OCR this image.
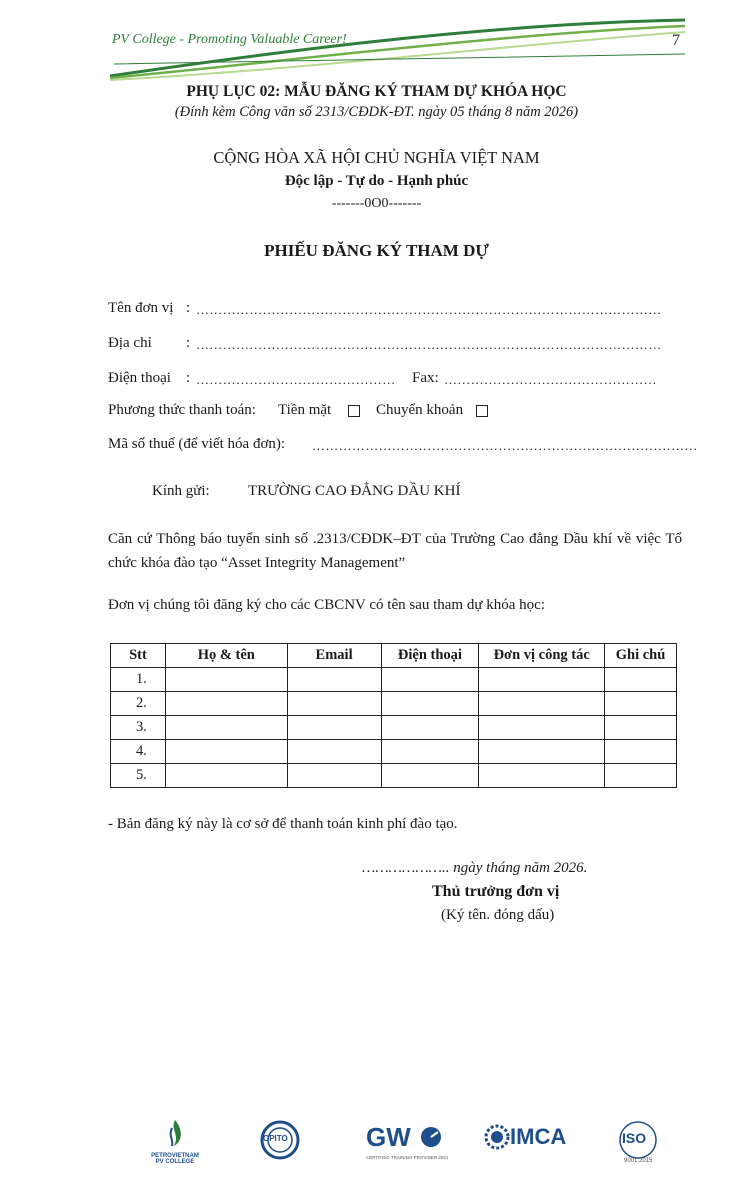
PV College - Promoting Valuable Career!	7
PHỤ LỤC 02: MẪU ĐĂNG KÝ THAM DỰ KHÓA HỌC
(Đính kèm Công văn số 2313/CĐDK-ĐT. ngày 05 tháng 8 năm 2026)
CỘNG HÒA XÃ HỘI CHỦ NGHĨA VIỆT NAM
Độc lập - Tự do - Hạnh phúc
-------0O0-------
PHIẾU ĐĂNG KÝ THAM DỰ
Tên đơn vị : ……………………………………………………………………………………………
Địa chỉ : ……………………………………………………………………………………………
Điện thoại : ……………………………………… Fax: …………………………………………
Phương thức thanh toán: Tiền mặt	Chuyển khoản
Mã số thuế (để viết hóa đơn): ……………………………………………………………………………
Kính gửi:	TRƯỜNG CAO ĐẲNG DẦU KHÍ
Căn cứ Thông báo tuyển sinh số .2313/CĐDK–ĐT của Trường Cao đẳng Dầu khí về việc Tổ chức khóa đào tạo “Asset Integrity Management”
Đơn vị chúng tôi đăng ký cho các CBCNV có tên sau tham dự khóa học:
Stt	Họ & tên	Email	Điện thoại	Đơn vị công tác	Ghi chú
1.					
2.					
3.					
4.					
5.					
- Bản đăng ký này là cơ sở để thanh toán kinh phí đào tạo.
……………….. ngày tháng năm 2026.
Thủ trưởng đơn vị
(Ký tên. đóng dấu)
PETROVIETNAM
PV COLLEGE
OPITO	GW
CERTIFIED TRAINING PROVIDER 2021
IMCA	ISO
9001:2015
